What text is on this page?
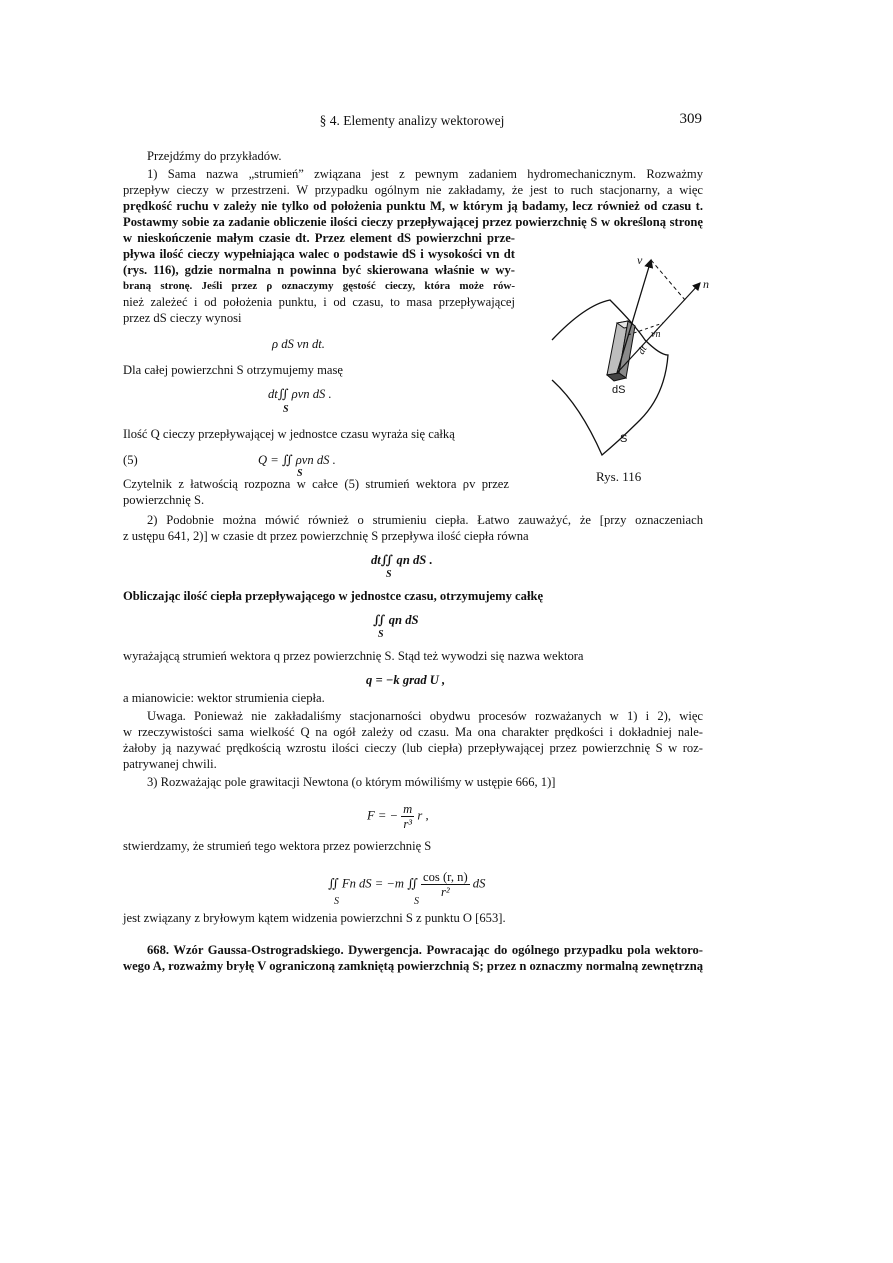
§ 4. Elementy analizy wektorowej	309
Przejdźmy do przykładów.
1) Sama nazwa „strumień” związana jest z pewnym zadaniem hydromechanicznym. Rozważmy
przepływ cieczy w przestrzeni. W przypadku ogólnym nie zakładamy, że jest to ruch stacjonarny, a więc
prędkość ruchu v zależy nie tylko od położenia punktu M, w którym ją badamy, lecz również od czasu t.
Postawmy sobie za zadanie obliczenie ilości cieczy przepływającej przez powierzchnię S w określoną stronę
w nieskończenie małym czasie dt. Przez element dS powierzchni prze-
pływa ilość cieczy wypełniająca walec o podstawie dS i wysokości vn dt
(rys. 116), gdzie normalna n powinna być skierowana właśnie w wy-
braną stronę. Jeśli przez ρ oznaczymy gęstość cieczy, która może rów-
nież zależeć i od położenia punktu, i od czasu, to masa przepływającej
przez dS cieczy wynosi
ρ dS vn dt.
Dla całej powierzchni S otrzymujemy masę
dt∬ ρvn dS .
S
Ilość Q cieczy przepływającej w jednostce czasu wyraża się całką
(5)	Q = ∬ ρvn dS .
S
Czytelnik z łatwością rozpozna w całce (5) strumień wektora ρv przez
powierzchnię S.
2) Podobnie można mówić również o strumieniu ciepła. Łatwo zauważyć, że [przy oznaczeniach
z ustępu 641, 2)] w czasie dt przez powierzchnię S przepływa ilość ciepła równa
dt∬ qn dS .
S
Obliczając ilość ciepła przepływającego w jednostce czasu, otrzymujemy całkę
∬ qn dS
S
wyrażającą strumień wektora q przez powierzchnię S. Stąd też wywodzi się nazwa wektora
q = −k grad U ,
a mianowicie: wektor strumienia ciepła.
Uwaga. Ponieważ nie zakładaliśmy stacjonarności obydwu procesów rozważanych w 1) i 2), więc
w rzeczywistości sama wielkość Q na ogół zależy od czasu. Ma ona charakter prędkości i dokładniej nale-
żałoby ją nazywać prędkością wzrostu ilości cieczy (lub ciepła) przepływającej przez powierzchnię S w roz-
patrywanej chwili.
3) Rozważając pole grawitacji Newtona (o którym mówiliśmy w ustępie 666, 1)]
F = − $\frac{m}{\text{r³}}$ r ,
stwierdzamy, że strumień tego wektora przez powierzchnię S
∬ Fn dS = −m ∬ $\frac{\cos (r, n)}{\text{r²}}$ dS
S	S
jest związany z bryłowym kątem widzenia powierzchni S z punktu O [653].
668. Wzór Gaussa-Ostrogradskiego. Dywergencja. Powracając do ogólnego przypadku pola wektoro-
wego A, rozważmy bryłę V ograniczoną zamkniętą powierzchnią S; przez n oznaczmy normalną zewnętrzną
v
n
vn
dt
dS
S
Rys. 116
